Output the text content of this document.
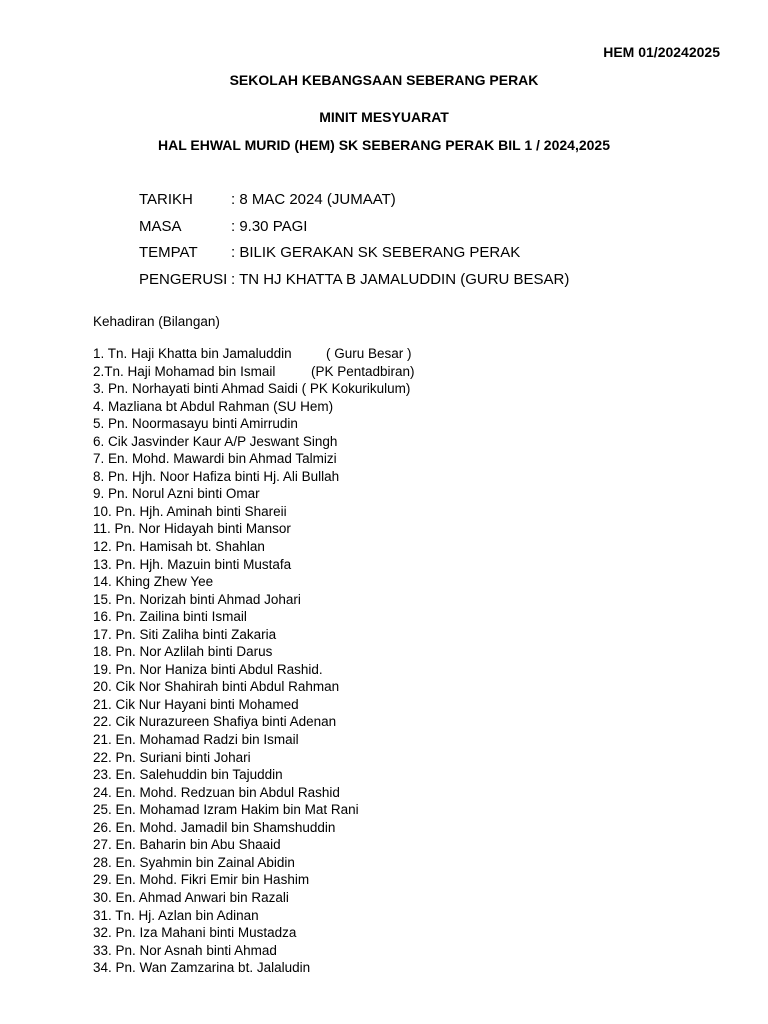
HEM 01/20242025
SEKOLAH KEBANGSAAN SEBERANG PERAK
MINIT MESYUARAT
HAL EHWAL MURID (HEM) SK SEBERANG PERAK BIL 1 / 2024,2025
TARIKH	: 8 MAC 2024 (JUMAAT)
MASA	: 9.30 PAGI
TEMPAT	: BILIK GERAKAN SK SEBERANG PERAK
PENGERUSI : TN HJ KHATTA B JAMALUDDIN (GURU BESAR)
Kehadiran (Bilangan)
1. Tn. Haji Khatta bin Jamaluddin	( Guru Besar )
2.Tn. Haji Mohamad bin Ismail	(PK Pentadbiran)
3. Pn. Norhayati binti Ahmad Saidi ( PK Kokurikulum)
4. Mazliana bt Abdul Rahman (SU Hem)
5. Pn. Noormasayu binti Amirrudin
6. Cik Jasvinder Kaur A/P Jeswant Singh
7. En. Mohd. Mawardi bin Ahmad Talmizi
8. Pn. Hjh. Noor Hafiza binti Hj. Ali Bullah
9. Pn. Norul Azni binti Omar
10. Pn. Hjh. Aminah binti Shareii
11. Pn. Nor Hidayah binti Mansor
12. Pn. Hamisah bt. Shahlan
13. Pn. Hjh. Mazuin binti Mustafa
14. Khing Zhew Yee
15. Pn. Norizah binti Ahmad Johari
16. Pn. Zailina binti Ismail
17. Pn. Siti Zaliha binti Zakaria
18. Pn. Nor Azlilah binti Darus
19. Pn. Nor Haniza binti Abdul Rashid.
20. Cik Nor Shahirah binti Abdul Rahman
21. Cik Nur Hayani binti Mohamed
22. Cik Nurazureen Shafiya binti Adenan
21. En. Mohamad Radzi bin Ismail
22. Pn. Suriani binti Johari
23. En. Salehuddin bin Tajuddin
24. En. Mohd. Redzuan bin Abdul Rashid
25. En. Mohamad Izram Hakim bin Mat Rani
26. En. Mohd. Jamadil bin Shamshuddin
27. En. Baharin bin Abu Shaaid
28. En. Syahmin bin Zainal Abidin
29. En. Mohd. Fikri Emir bin Hashim
30. En. Ahmad Anwari bin Razali
31. Tn. Hj. Azlan bin Adinan
32. Pn. Iza Mahani binti Mustadza
33. Pn. Nor Asnah binti Ahmad
34. Pn. Wan Zamzarina bt. Jalaludin
